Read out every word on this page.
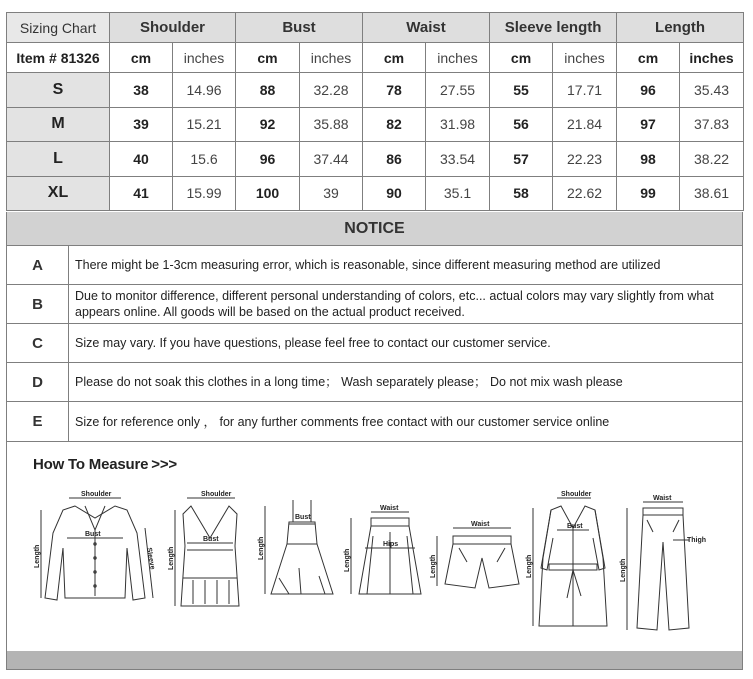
Sizing Chart	Shoulder		Bust		Waist		Sleeve length		Length	
Item # 81326	cm	inches	cm	inches	cm	inches	cm	inches	cm	inches
S	38	14.96	88	32.28	78	27.55	55	17.71	96	35.43
M	39	15.21	92	35.88	82	31.98	56	21.84	97	37.83
L	40	15.6	96	37.44	86	33.54	57	22.23	98	38.22
XL	41	15.99	100	39	90	35.1	58	22.62	99	38.61
NOTICE
A	There might be 1-3cm measuring error, which is reasonable, since different measuring method are utilized
B	Due to monitor difference, different personal understanding of colors, etc... actual colors may vary slightly from what appears online. All goods will be based on the actual product received.
C	Size may vary. If you have questions, please feel free to contact our customer service.
D	Please do not soak this clothes in a long time； Wash separately please； Do not mix wash please
E	Size for reference only ， for any further comments free contact with our customer service online
How To Measure >>>
Shoulder
Bust
Length	Sleeve
Shoulder
Bust
Length
Bust
Length
Waist
Hips
Length
Waist
Length
Shoulder
Bust
Length
Waist
Thigh
Length
